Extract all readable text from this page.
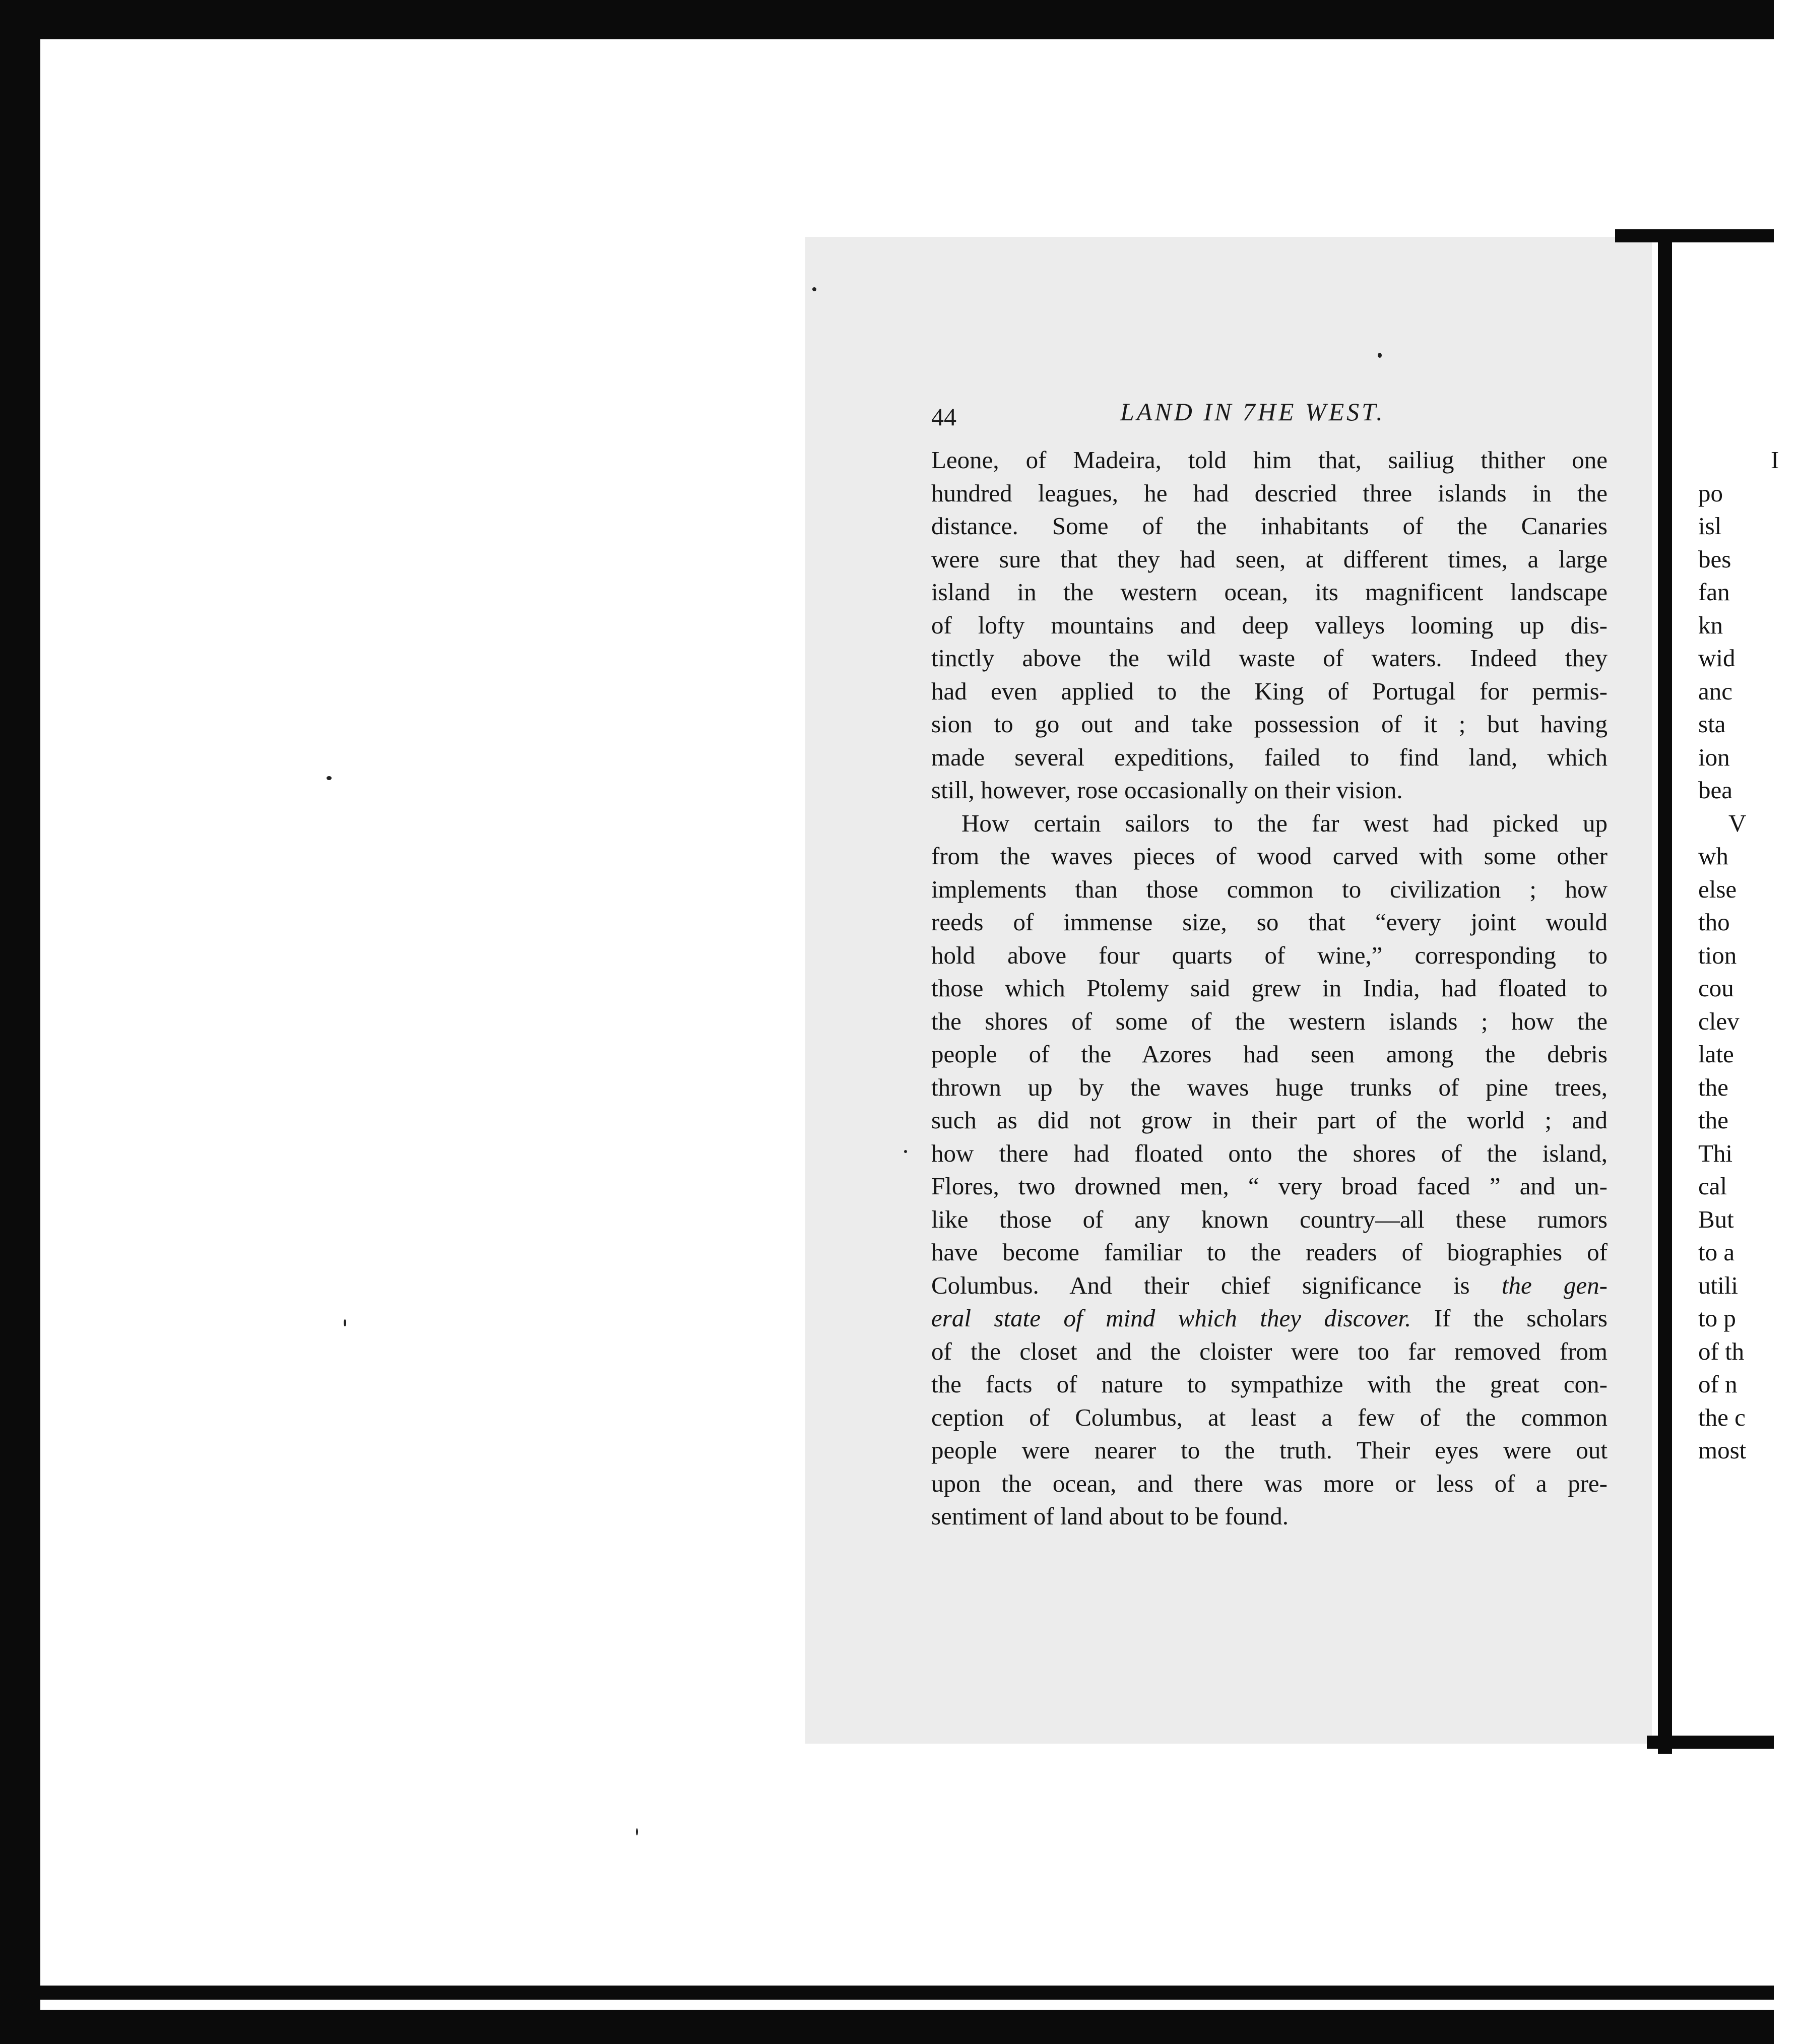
44	LAND IN 7HE WEST.
Leone, of Madeira, told him that, sailiug thither one
hundred leagues, he had descried three islands in the
distance. Some of the inhabitants of the Canaries
were sure that they had seen, at different times, a large
island in the western ocean, its magnificent landscape
of lofty mountains and deep valleys looming up dis-
tinctly above the wild waste of waters. Indeed they
had even applied to the King of Portugal for permis-
sion to go out and take possession of it ; but having
made several expeditions, failed to find land, which
still, however, rose occasionally on their vision.
How certain sailors to the far west had picked up
from the waves pieces of wood carved with some other
implements than those common to civilization ; how
reeds of immense size, so that “every joint would
hold above four quarts of wine,” corresponding to
those which Ptolemy said grew in India, had floated to
the shores of some of the western islands ; how the
people of the Azores had seen among the debris
thrown up by the waves huge trunks of pine trees,
such as did not grow in their part of the world ; and
how there had floated onto the shores of the island,
Flores, two drowned men, “ very broad faced ” and un-
like those of any known country—all these rumors
have become familiar to the readers of biographies of
Columbus. And their chief significance is the gen-
eral state of mind which they discover. If the scholars
of the closet and the cloister were too far removed from
the facts of nature to sympathize with the great con-
ception of Columbus, at least a few of the common
people were nearer to the truth. Their eyes were out
upon the ocean, and there was more or less of a pre-
sentiment of land about to be found.
I
po
isl
bes
fan
kn
wid
anc
sta
ion
bea
V
wh
else
tho
tion
cou
clev
late
the
the
Thi
cal
But
to a
utili
to p
of th
of n
the c
most
